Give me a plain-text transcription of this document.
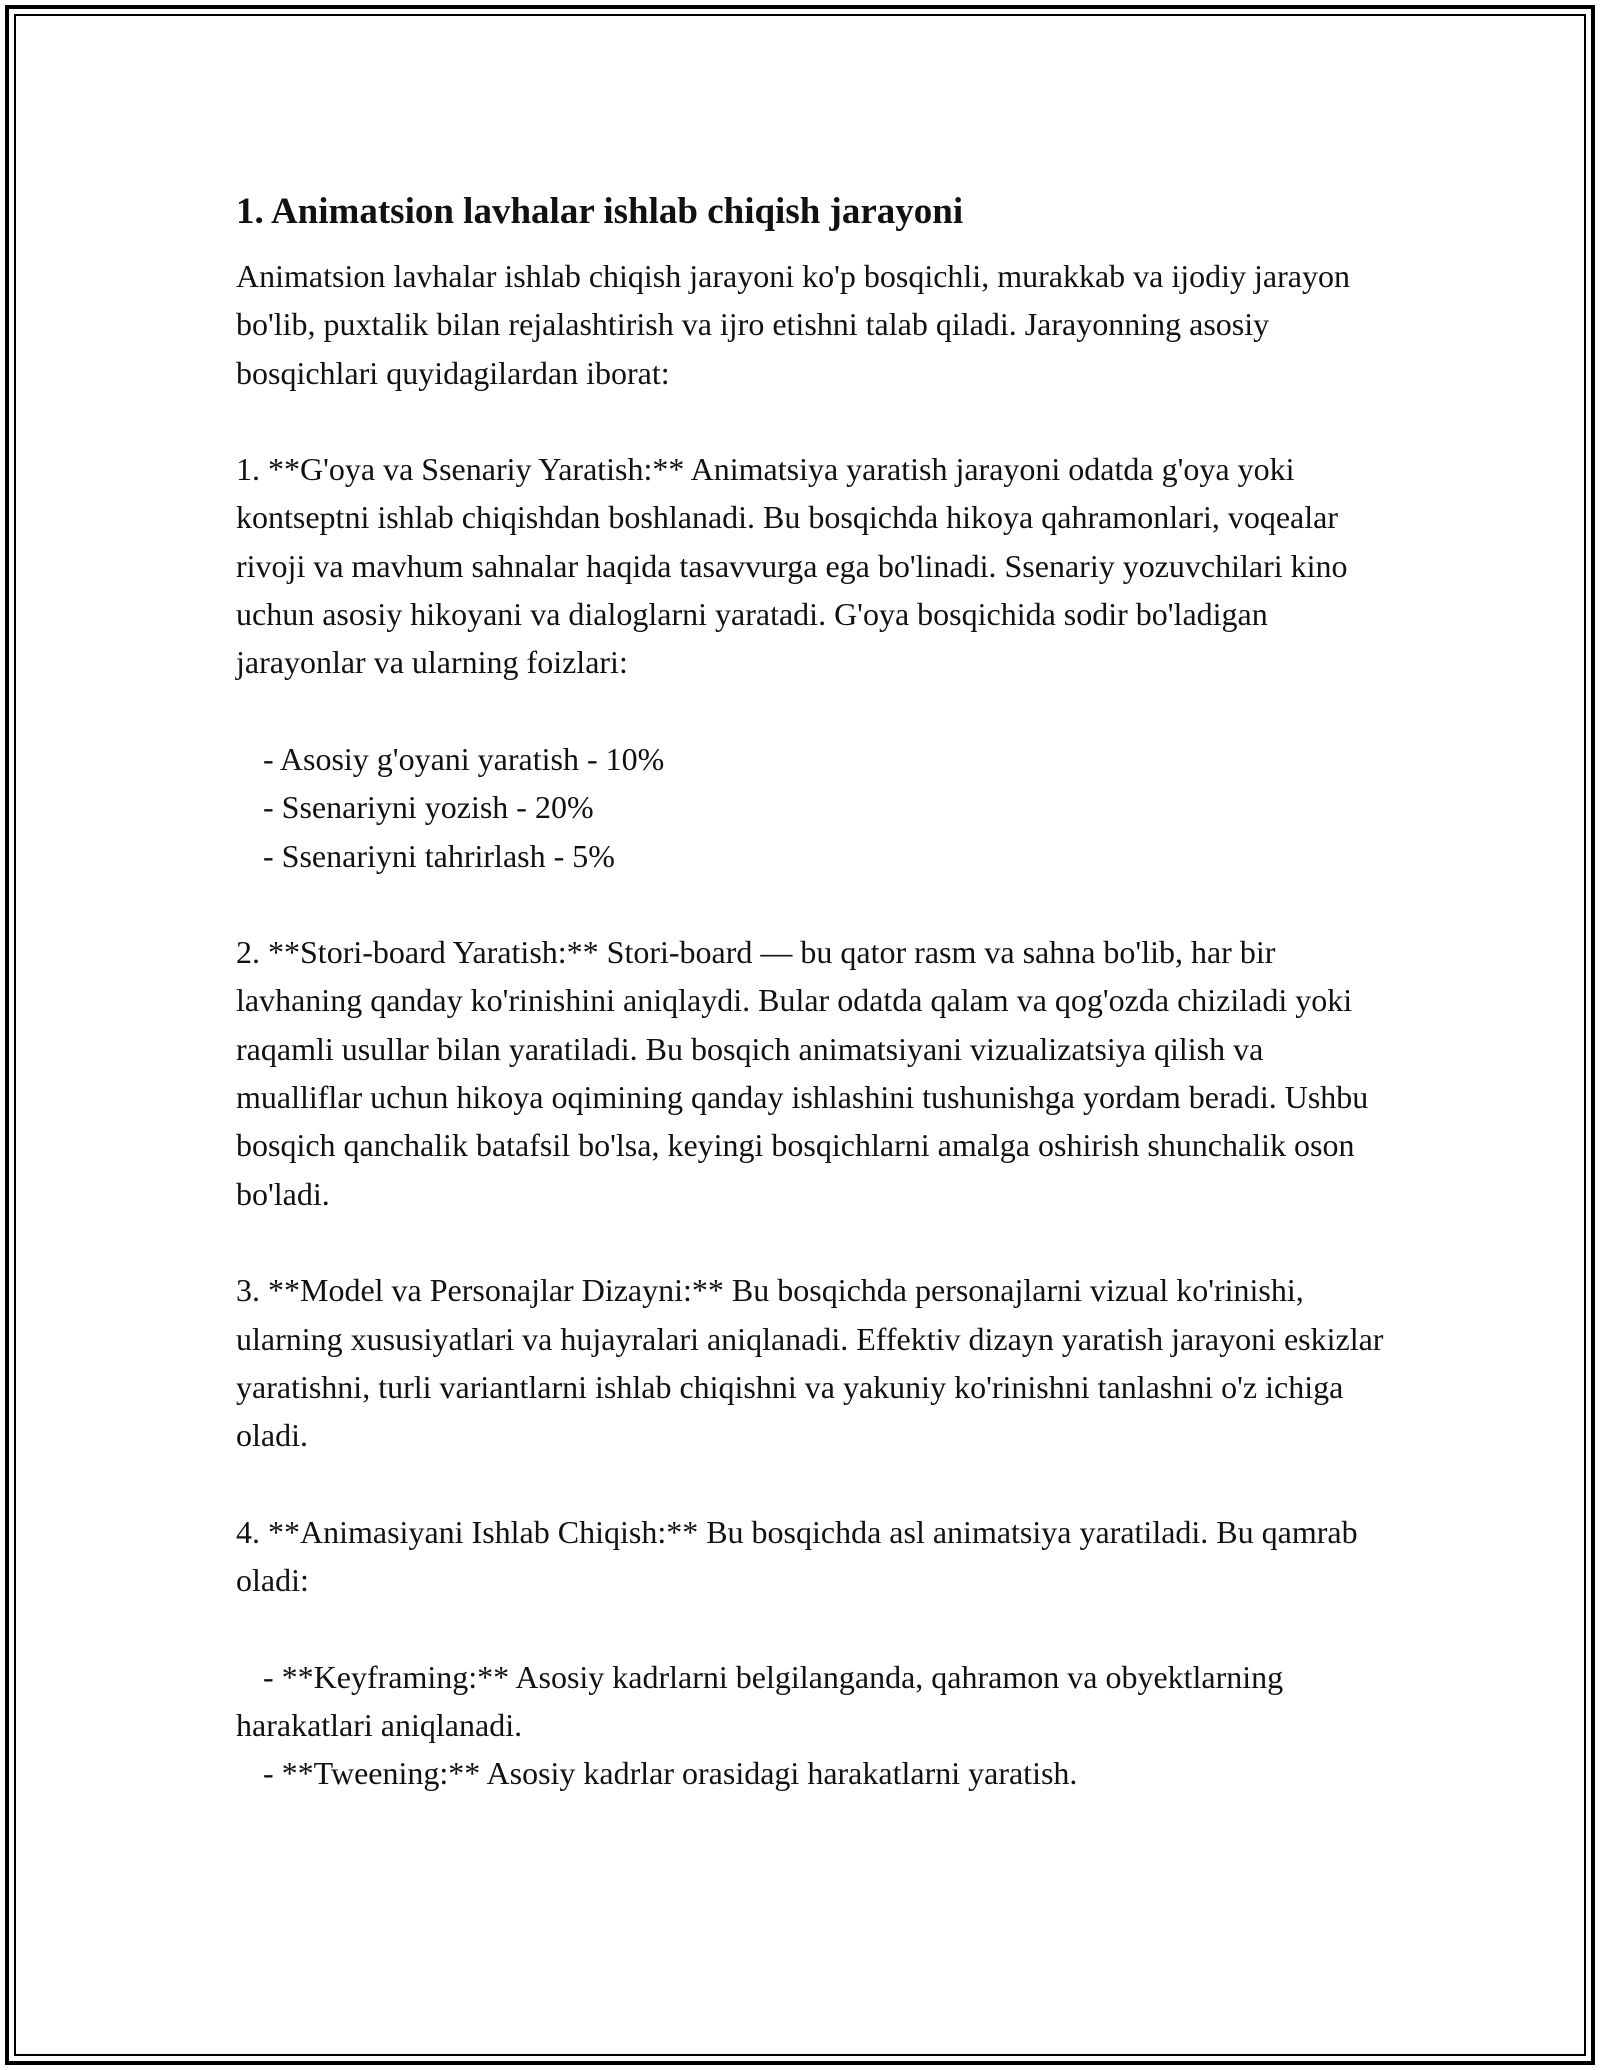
1. Animatsion lavhalar ishlab chiqish jarayoni

Animatsion lavhalar ishlab chiqish jarayoni ko'p bosqichli, murakkab va ijodiy jarayon bo'lib, puxtalik bilan rejalashtirish va ijro etishni talab qiladi. Jarayonning asosiy bosqichlari quyidagilardan iborat:

1. **G'oya va Ssenariy Yaratish:** Animatsiya yaratish jarayoni odatda g'oya yoki kontseptni ishlab chiqishdan boshlanadi. Bu bosqichda hikoya qahramonlari, voqealar rivoji va mavhum sahnalar haqida tasavvurga ega bo'linadi. Ssenariy yozuvchilari kino uchun asosiy hikoyani va dialoglarni yaratadi. G'oya bosqichida sodir bo'ladigan jarayonlar va ularning foizlari:

- Asosiy g'oyani yaratish - 10%

- Ssenariyni yozish - 20%

- Ssenariyni tahrirlash - 5%

2. **Stori-board Yaratish:** Stori-board — bu qator rasm va sahna bo'lib, har bir lavhaning qanday ko'rinishini aniqlaydi. Bular odatda qalam va qog'ozda chiziladi yoki raqamli usullar bilan yaratiladi. Bu bosqich animatsiyani vizualizatsiya qilish va mualliflar uchun hikoya oqimining qanday ishlashini tushunishga yordam beradi. Ushbu bosqich qanchalik batafsil bo'lsa, keyingi bosqichlarni amalga oshirish shunchalik oson bo'ladi.

3. **Model va Personajlar Dizayni:** Bu bosqichda personajlarni vizual ko'rinishi, ularning xususiyatlari va hujayralari aniqlanadi. Effektiv dizayn yaratish jarayoni eskizlar yaratishni, turli variantlarni ishlab chiqishni va yakuniy ko'rinishni tanlashni o'z ichiga oladi.

4. **Animasiyani Ishlab Chiqish:** Bu bosqichda asl animatsiya yaratiladi. Bu qamrab oladi:

- **Keyframing:** Asosiy kadrlarni belgilanganda, qahramon va obyektlarning harakatlari aniqlanadi.

- **Tweening:** Asosiy kadrlar orasidagi harakatlarni yaratish.
